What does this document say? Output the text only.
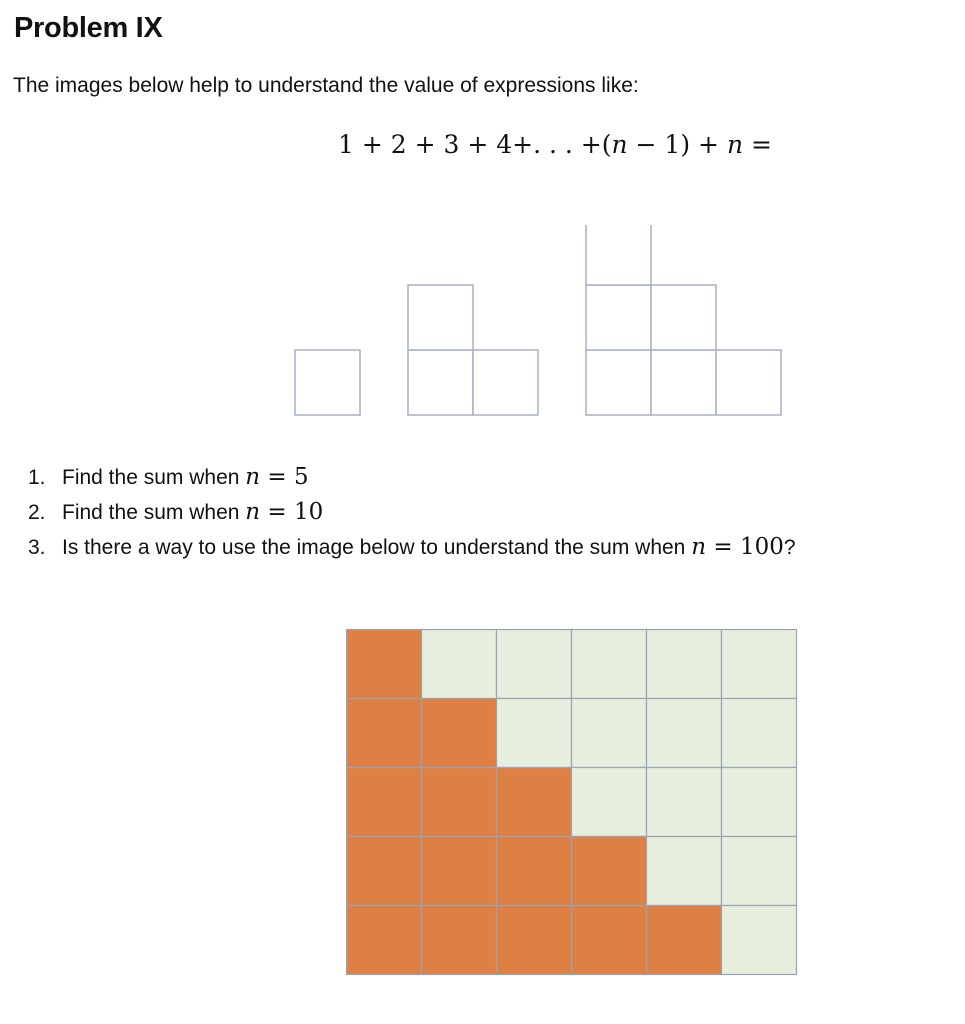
Problem IX

The images below help to understand the value of expressions like:

1 + 2 + 3 + 4+. . . +(n − 1) + n =
1. Find the sum when n = 5
2. Find the sum when n = 10
3. Is there a way to use the image below to understand the sum when n = 100?
